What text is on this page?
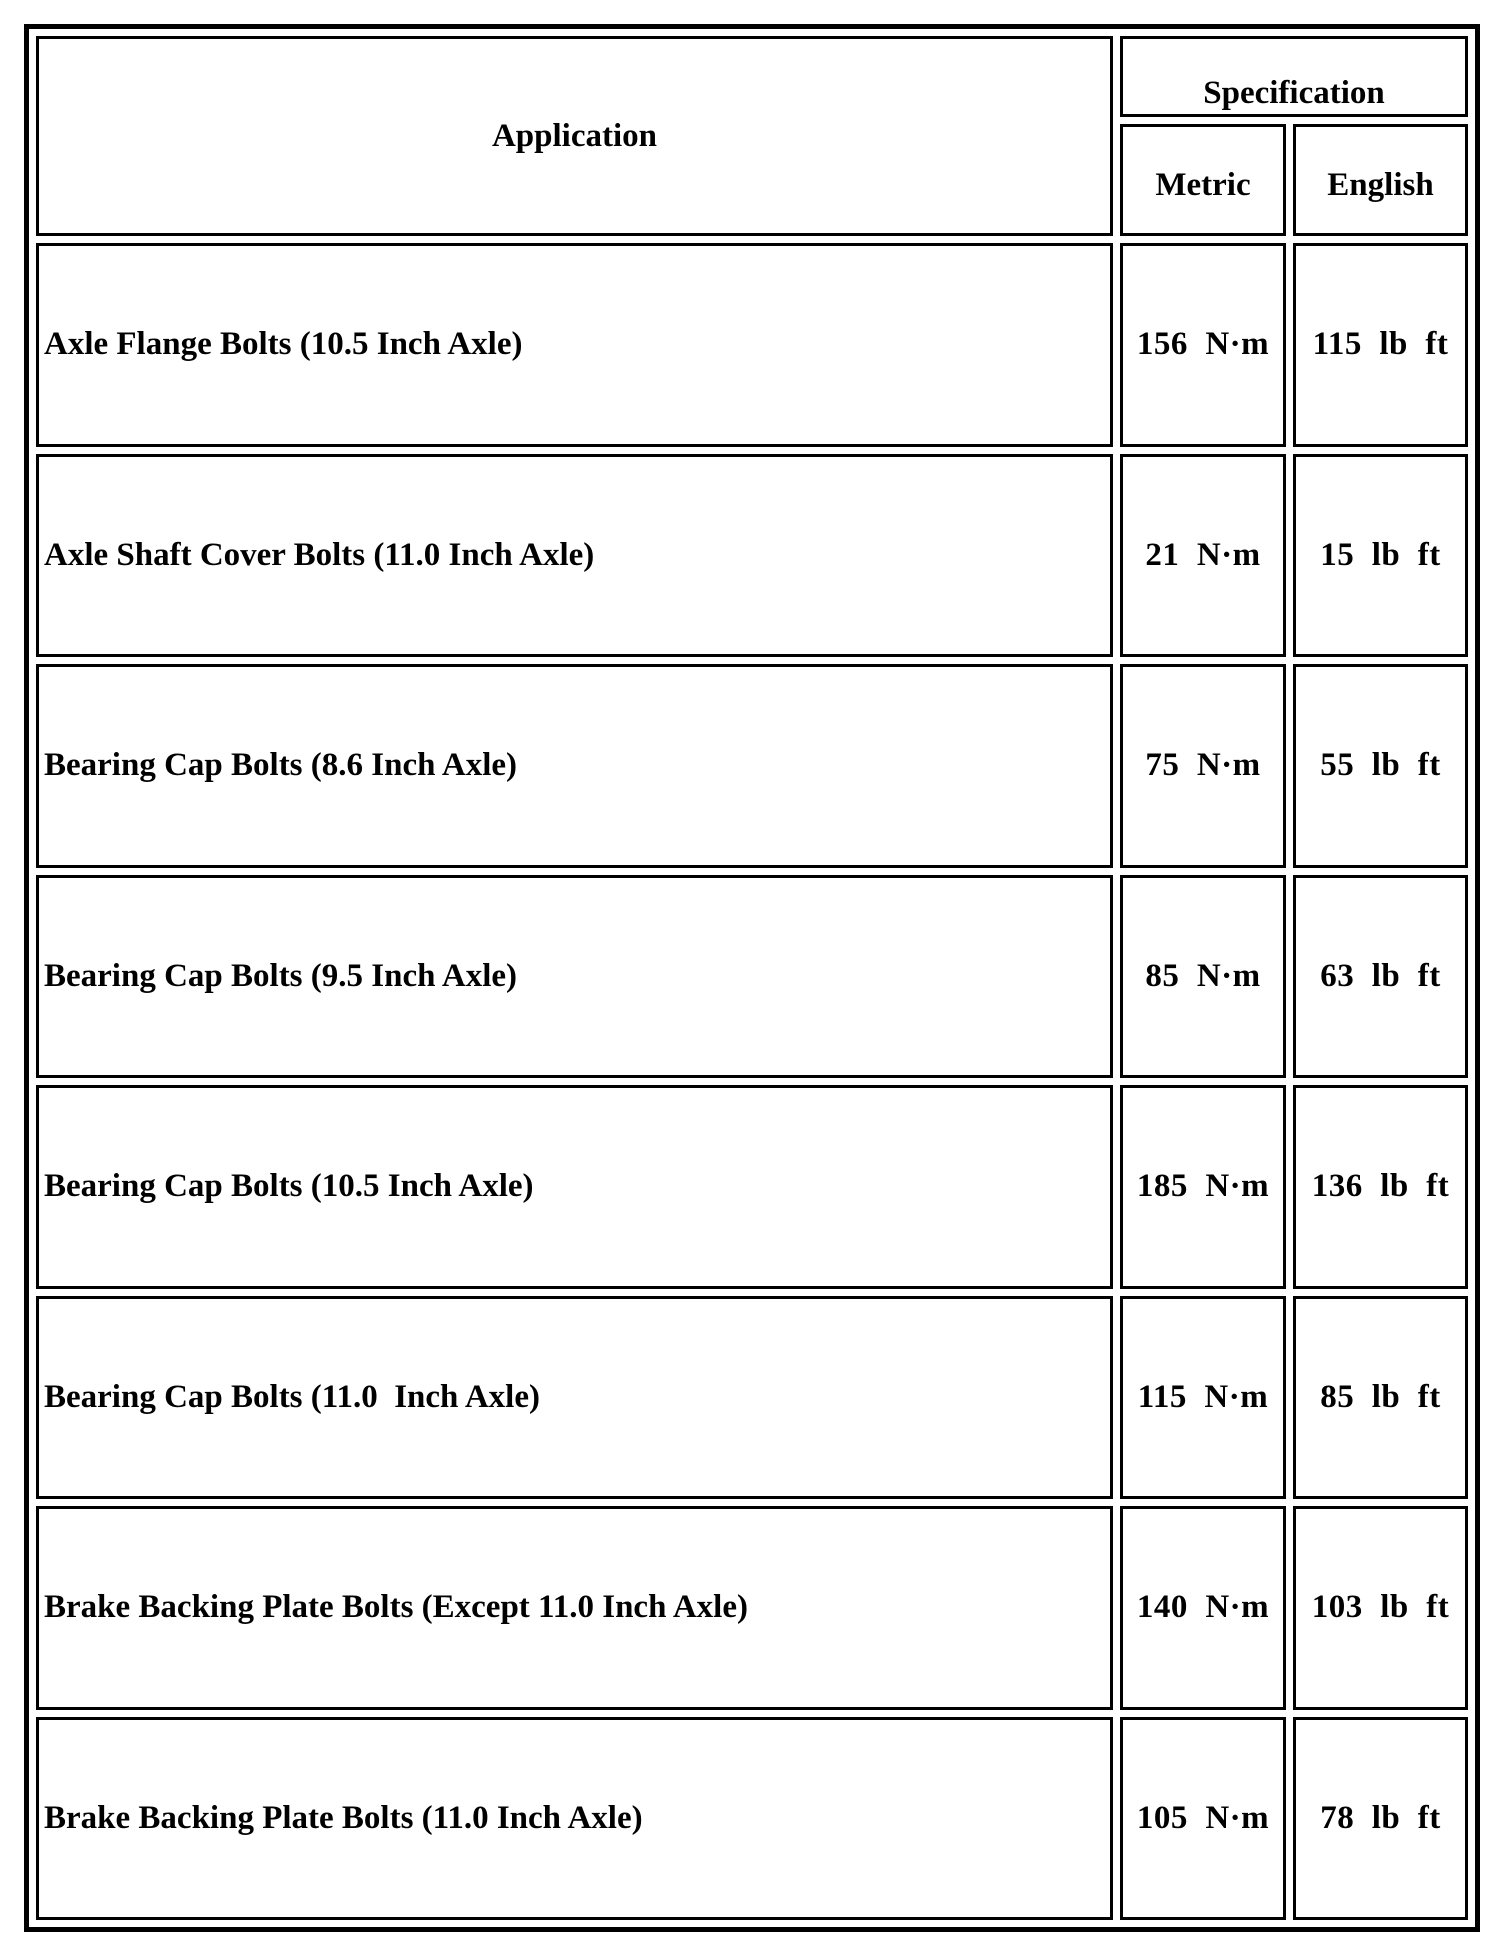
Application	Specification	
	Metric	English
Axle Flange Bolts (10.5 Inch Axle)	156  N·m	115  lb  ft
Axle Shaft Cover Bolts (11.0 Inch Axle)	21  N·m	15  lb  ft
Bearing Cap Bolts (8.6 Inch Axle)	75  N·m	55  lb  ft
Bearing Cap Bolts (9.5 Inch Axle)	85  N·m	63  lb  ft
Bearing Cap Bolts (10.5 Inch Axle)	185  N·m	136  lb  ft
Bearing Cap Bolts (11.0  Inch Axle)	115  N·m	85  lb  ft
Brake Backing Plate Bolts (Except 11.0 Inch Axle)	140  N·m	103  lb  ft
Brake Backing Plate Bolts (11.0 Inch Axle)	105  N·m	78  lb  ft
